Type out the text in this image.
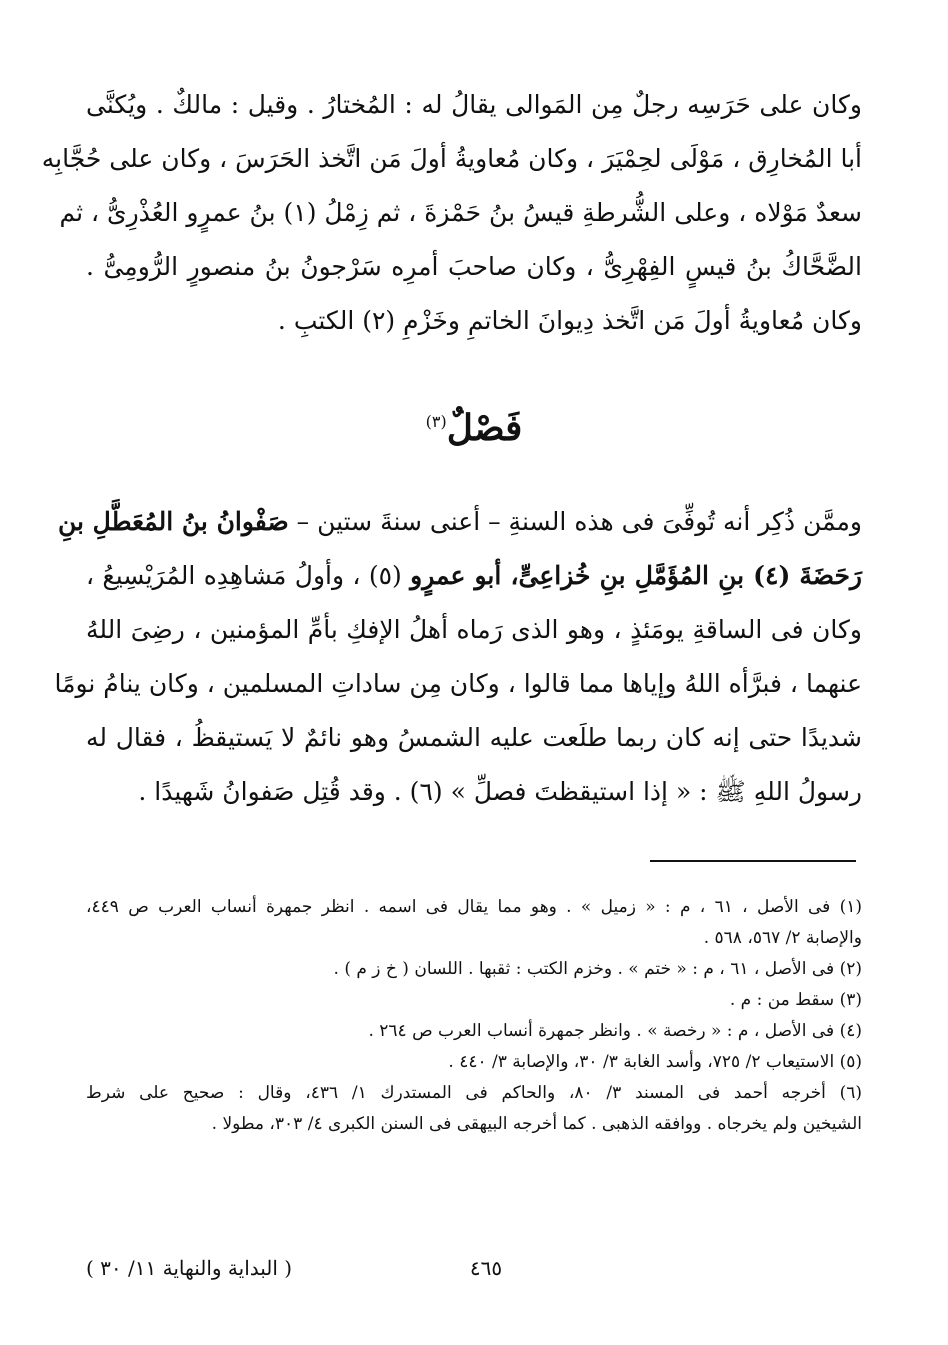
وكان على حَرَسِه رجلٌ مِن المَوالى يقالُ له : المُختارُ . وقيل : مالكٌ . ويُكنَّى
أبا المُخارِق ، مَوْلَى لحِمْيَرَ ، وكان مُعاويةُ أولَ مَن اتَّخذ الحَرَسَ ، وكان على حُجَّابِه
سعدٌ مَوْلاه ، وعلى الشُّرطةِ قيسُ بنُ حَمْزةَ ، ثم زِمْلُ (١) بنُ عمرٍو العُذْرِىُّ ، ثم
الضَّحَّاكُ بنُ قيسٍ الفِهْرِىُّ ، وكان صاحبَ أمرِه سَرْجونُ بنُ منصورٍ الرُّومِىُّ .
وكان مُعاويةُ أولَ مَن اتَّخذ دِيوانَ الخاتمِ وخَزْمِ (٢) الكتبِ .
فَصْلٌ$^{(٣)}$
وممَّن ذُكِر أنه تُوفِّىَ فى هذه السنةِ – أعنى سنةَ ستين – صَفْوانُ بنُ المُعَطَّلِ بنِ
رَحَضَةَ (٤) بنِ المُؤَمَّلِ بنِ خُزاعِىٍّ، أبو عمرٍو (٥) ، وأولُ مَشاهِدِه المُرَيْسِيعُ ،
وكان فى الساقةِ يومَئذٍ ، وهو الذى رَماه أهلُ الإفكِ بأمِّ المؤمنين ، رضِىَ اللهُ
عنهما ، فبرَّأه اللهُ وإياها مما قالوا ، وكان مِن ساداتِ المسلمين ، وكان ينامُ نومًا
شديدًا حتى إنه كان ربما طلَعت عليه الشمسُ وهو نائمٌ لا يَستيقظُ ، فقال له
رسولُ اللهِ ﷺ : « إذا استيقظتَ فصلِّ » (٦) . وقد قُتِل صَفوانُ شَهيدًا .
(١) فى الأصل ، ٦١ ، م : « زميل » . وهو مما يقال فى اسمه . انظر جمهرة أنساب العرب ص ٤٤٩،
والإصابة ٢/ ٥٦٧، ٥٦٨ .
(٢) فى الأصل ، ٦١ ، م : « ختم » . وخزم الكتب : ثقبها . اللسان ( خ ز م ) .
(٣) سقط من : م .
(٤) فى الأصل ، م : « رخصة » . وانظر جمهرة أنساب العرب ص ٢٦٤ .
(٥) الاستيعاب ٢/ ٧٢٥، وأسد الغابة ٣/ ٣٠، والإصابة ٣/ ٤٤٠ .
(٦) أخرجه أحمد فى المسند ٣/ ٨٠، والحاكم فى المستدرك ١/ ٤٣٦، وقال : صحيح على شرط
الشيخين ولم يخرجاه . ووافقه الذهبى . كما أخرجه البيهقى فى السنن الكبرى ٤/ ٣٠٣، مطولا .
٤٦٥
( البداية والنهاية ١١/ ٣٠ )
